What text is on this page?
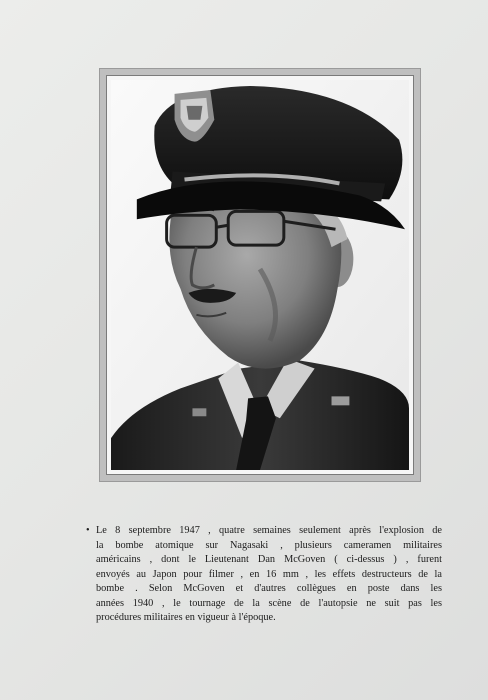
• Le 8 septembre 1947 , quatre semaines seulement après l'explosion de
la bombe atomique sur Nagasaki , plusieurs cameramen militaires
américains , dont le Lieutenant Dan McGoven ( ci-dessus ) , furent
envoyés au Japon pour filmer , en 16 mm , les effets destructeurs de la
bombe . Selon McGoven et d'autres collègues en poste dans les
années 1940 , le tournage de la scène de l'autopsie ne suit pas les
procédures militaires en vigueur à l'époque.
